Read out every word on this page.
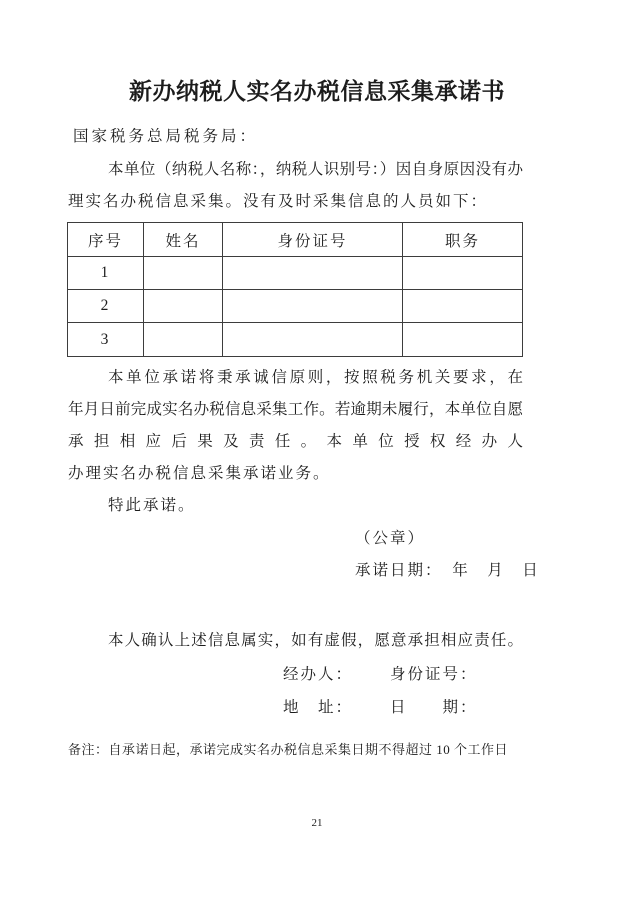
新办纳税人实名办税信息采集承诺书
国家税务总局税务局：
本单位（纳税人名称：，纳税人识别号：）因自身原因没有办
理实名办税信息采集。没有及时采集信息的人员如下：
序号	姓名	身份证号	职务
1			
2			
3			
本单位承诺将秉承诚信原则，按照税务机关要求，在
年月日前完成实名办税信息采集工作。若逾期未履行，本单位自愿
承担相应后果及责任。本单位授权经办人
办理实名办税信息采集承诺业务。
特此承诺。
（公章）
承诺日期：　年　月　日
本人确认上述信息属实，如有虚假，愿意承担相应责任。
经办人： 身份证号：
地　址： 日　　期：
备注：自承诺日起，承诺完成实名办税信息采集日期不得超过 10 个工作日
21
